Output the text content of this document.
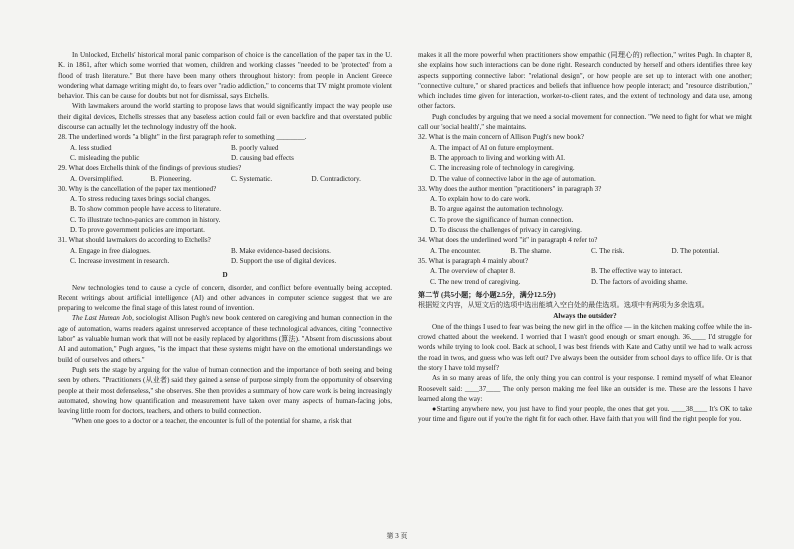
In Unlocked, Etchells' historical moral panic comparison of choice is the cancellation of the paper tax in the U. K. in 1861, after which some worried that women, children and working classes "needed to be 'protected' from a flood of trash literature." But there have been many others throughout history: from people in Ancient Greece wondering what damage writing might do, to fears over "radio addiction," to concerns that TV might promote violent behavior. This can be cause for doubts but not for dismissal, says Etchells.

With lawmakers around the world starting to propose laws that would significantly impact the way people use their digital devices, Etchells stresses that any baseless action could fail or even backfire and that overstated public discourse can actually let the technology industry off the hook.

28. The underlined words "a blight" in the first paragraph refer to something ________.

A. less studied	B. poorly valued
C. misleading the public	D. causing bad effects

29. What does Etchells think of the findings of previous studies?

A. Oversimplified.	B. Pioneering.	C. Systematic.	D. Contradictory.

30. Why is the cancellation of the paper tax mentioned?

A. To stress reducing taxes brings social changes.
B. To show common people have access to literature.
C. To illustrate techno-panics are common in history.
D. To prove government policies are important.

31. What should lawmakers do according to Etchells?

A. Engage in free dialogues.	B. Make evidence-based decisions.
C. Increase investment in research.	D. Support the use of digital devices.
D

New technologies tend to cause a cycle of concern, disorder, and conflict before eventually being accepted. Recent writings about artificial intelligence (AI) and other advances in computer science suggest that we are preparing to welcome the final stage of this latest round of invention.

The Last Human Job, sociologist Allison Pugh's new book centered on caregiving and human connection in the age of automation, warns readers against unreserved acceptance of these technological advances, citing "connective labor" as valuable human work that will not be easily replaced by algorithms (算法). "Absent from discussions about AI and automation," Pugh argues, "is the impact that these systems might have on the emotional understandings we build of ourselves and others."

Pugh sets the stage by arguing for the value of human connection and the importance of both seeing and being seen by others. "Practitioners (从业者) said they gained a sense of purpose simply from the opportunity of observing people at their most defenseless," she observes. She then provides a summary of how care work is being increasingly automated, showing how quantification and measurement have taken over many aspects of human-facing jobs, leaving little room for doctors, teachers, and others to build connection.

"When one goes to a doctor or a teacher, the encounter is full of the potential for shame, a risk that

makes it all the more powerful when practitioners show empathic (同理心的) reflection," writes Pugh. In chapter 8, she explains how such interactions can be done right. Research conducted by herself and others identifies three key aspects supporting connective labor: "relational design", or how people are set up to interact with one another; "connective culture," or shared practices and beliefs that influence how people interact; and "resource distribution," which includes time given for interaction, worker-to-client rates, and the extent of technology and data use, among other factors.

Pugh concludes by arguing that we need a social movement for connection. "We need to fight for what we might call our 'social health'," she maintains.

32. What is the main concern of Allison Pugh's new book?

A. The impact of AI on future employment.
B. The approach to living and working with AI.
C. The increasing role of technology in caregiving.
D. The value of connective labor in the age of automation.

33. Why does the author mention "practitioners" in paragraph 3?

A. To explain how to do care work.
B. To argue against the automation technology.
C. To prove the significance of human connection.
D. To discuss the challenges of privacy in caregiving.

34. What does the underlined word "it" in paragraph 4 refer to?

A. The encounter.	B. The shame.	C. The risk.	D. The potential.

35. What is paragraph 4 mainly about?

A. The overview of chapter 8.	B. The effective way to interact.
C. The new trend of caregiving.	D. The factors of avoiding shame.

第二节 (共5小题；每小题2.5分，满分12.5分)

根据短文内容，从短文后的选项中选出能填入空白处的最佳选项。选项中有两项为多余选项。

Always the outsider?

One of the things I used to fear was being the new girl in the office — in the kitchen making coffee while the in-crowd chatted about the weekend. I worried that I wasn't good enough or smart enough. 36.____ I'd struggle for words while trying to look cool. Back at school, I was best friends with Kate and Cathy until we had to walk across the road in twos, and guess who was left out? I've always been the outsider from school days to office life. Or is that the story I have told myself?

As in so many areas of life, the only thing you can control is your response. I remind myself of what Eleanor Roosevelt said: ____37____ The only person making me feel like an outsider is me. These are the lessons I have learned along the way:

●Starting anywhere new, you just have to find your people, the ones that get you. ____38____ It's OK to take your time and figure out if you're the right fit for each other. Have faith that you will find the right people for you.

第 3 页
